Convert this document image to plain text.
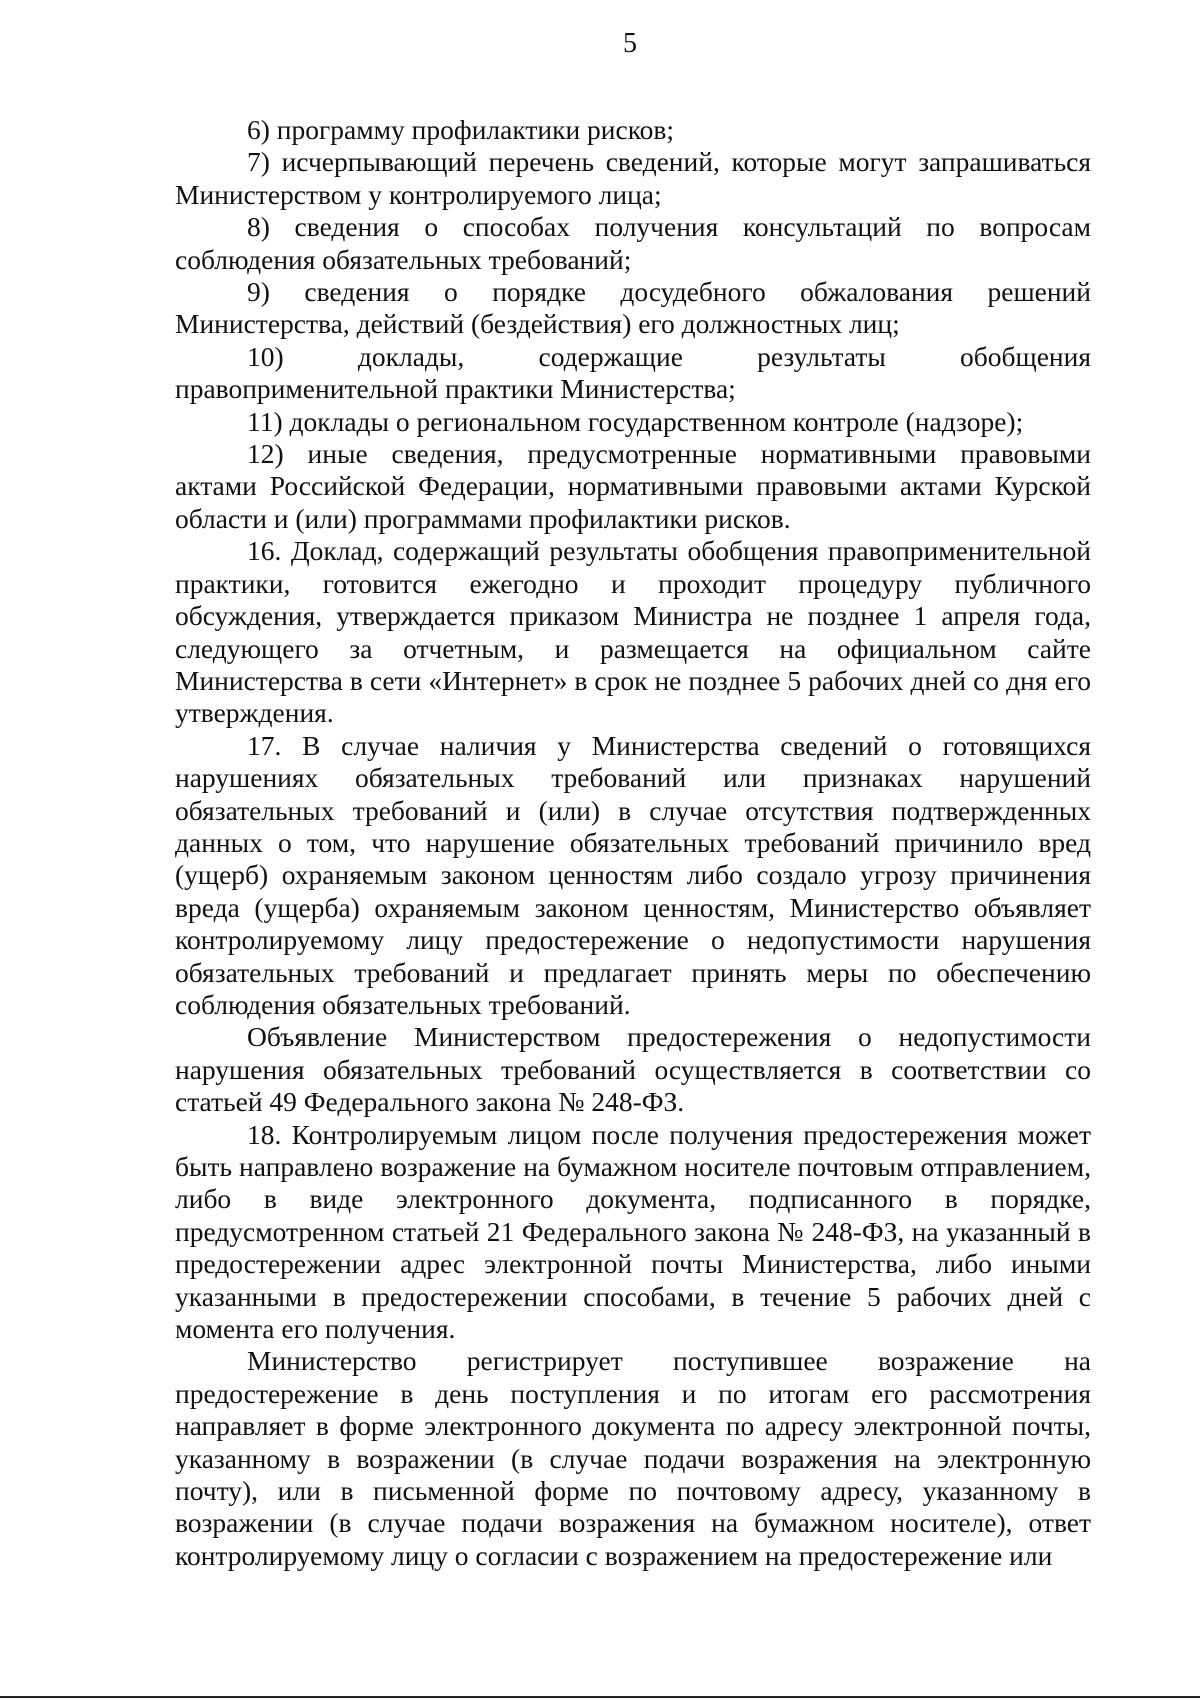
5

6) программу профилактики рисков;

7) исчерпывающий перечень сведений, которые могут запрашиваться Министерством у контролируемого лица;

8) сведения о способах получения консультаций по вопросам соблюдения обязательных требований;

9) сведения о порядке досудебного обжалования решений Министерства, действий (бездействия) его должностных лиц;

10) доклады, содержащие результаты обобщения правоприменительной практики Министерства;

11) доклады о региональном государственном контроле (надзоре);

12) иные сведения, предусмотренные нормативными правовыми актами Российской Федерации, нормативными правовыми актами Курской области и (или) программами профилактики рисков.

16. Доклад, содержащий результаты обобщения правоприменительной практики, готовится ежегодно и проходит процедуру публичного обсуждения, утверждается приказом Министра не позднее 1 апреля года, следующего за отчетным, и размещается на официальном сайте Министерства в сети «Интернет» в срок не позднее 5 рабочих дней со дня его утверждения.

17. В случае наличия у Министерства сведений о готовящихся нарушениях обязательных требований или признаках нарушений обязательных требований и (или) в случае отсутствия подтвержденных данных о том, что нарушение обязательных требований причинило вред (ущерб) охраняемым законом ценностям либо создало угрозу причинения вреда (ущерба) охраняемым законом ценностям, Министерство объявляет контролируемому лицу предостережение о недопустимости нарушения обязательных требований и предлагает принять меры по обеспечению соблюдения обязательных требований.

Объявление Министерством предостережения о недопустимости нарушения обязательных требований осуществляется в соответствии со статьей 49 Федерального закона № 248-ФЗ.

18. Контролируемым лицом после получения предостережения может быть направлено возражение на бумажном носителе почтовым отправлением, либо в виде электронного документа, подписанного в порядке, предусмотренном статьей 21 Федерального закона № 248-ФЗ, на указанный в предостережении адрес электронной почты Министерства, либо иными указанными в предостережении способами, в течение 5 рабочих дней с момента его получения.

Министерство регистрирует поступившее возражение на предостережение в день поступления и по итогам его рассмотрения направляет в форме электронного документа по адресу электронной почты, указанному в возражении (в случае подачи возражения на электронную почту), или в письменной форме по почтовому адресу, указанному в возражении (в случае подачи возражения на бумажном носителе), ответ контролируемому лицу о согласии с возражением на предостережение или
